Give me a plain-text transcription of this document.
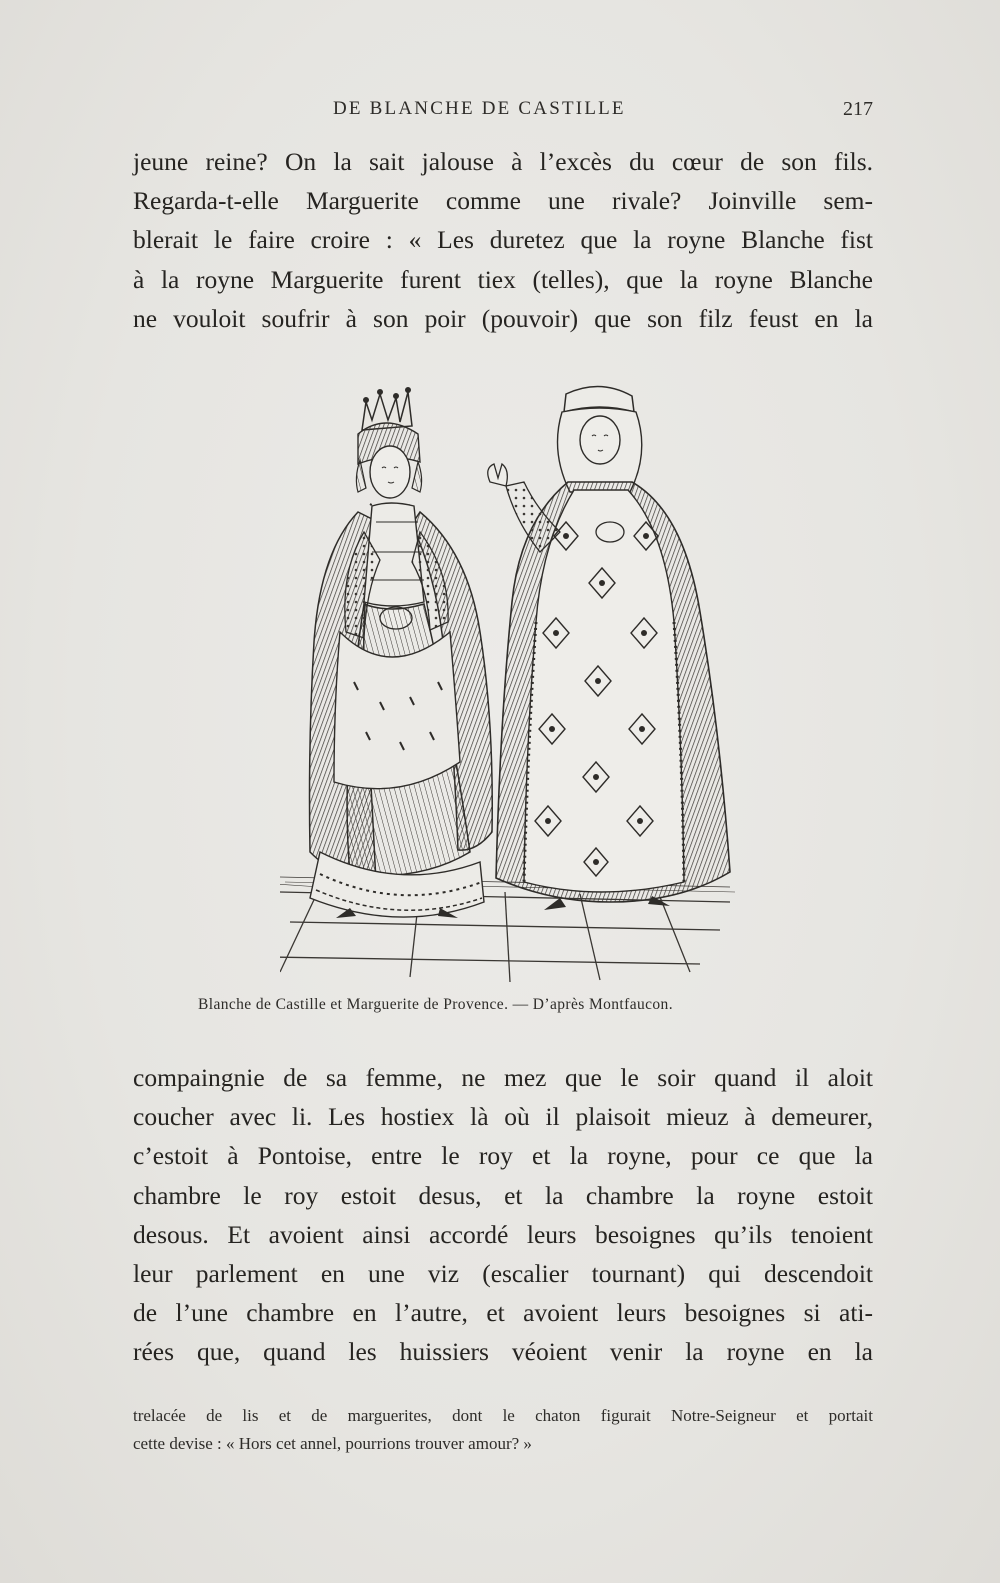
DE BLANCHE DE CASTILLE	217
jeune reine? On la sait jalouse à l’excès du cœur de son fils.
Regarda-t-elle Marguerite comme une rivale? Joinville sem-
blerait le faire croire : « Les duretez que la royne Blanche fist
à la royne Marguerite furent tiex (telles), que la royne Blanche
ne vouloit soufrir à son poir (pouvoir) que son filz feust en la
Blanche de Castille et Marguerite de Provence. — D’après Montfaucon.
compaingnie de sa femme, ne mez que le soir quand il aloit
coucher avec li. Les hostiex là où il plaisoit mieuz à demeurer,
c’estoit à Pontoise, entre le roy et la royne, pour ce que la
chambre le roy estoit desus, et la chambre la royne estoit
desous. Et avoient ainsi accordé leurs besoignes qu’ils tenoient
leur parlement en une viz (escalier tournant) qui descendoit
de l’une chambre en l’autre, et avoient leurs besoignes si ati-
rées que, quand les huissiers véoient venir la royne en la
trelacée de lis et de marguerites, dont le chaton figurait Notre-Seigneur et portait
cette devise : « Hors cet annel, pourrions trouver amour? »
